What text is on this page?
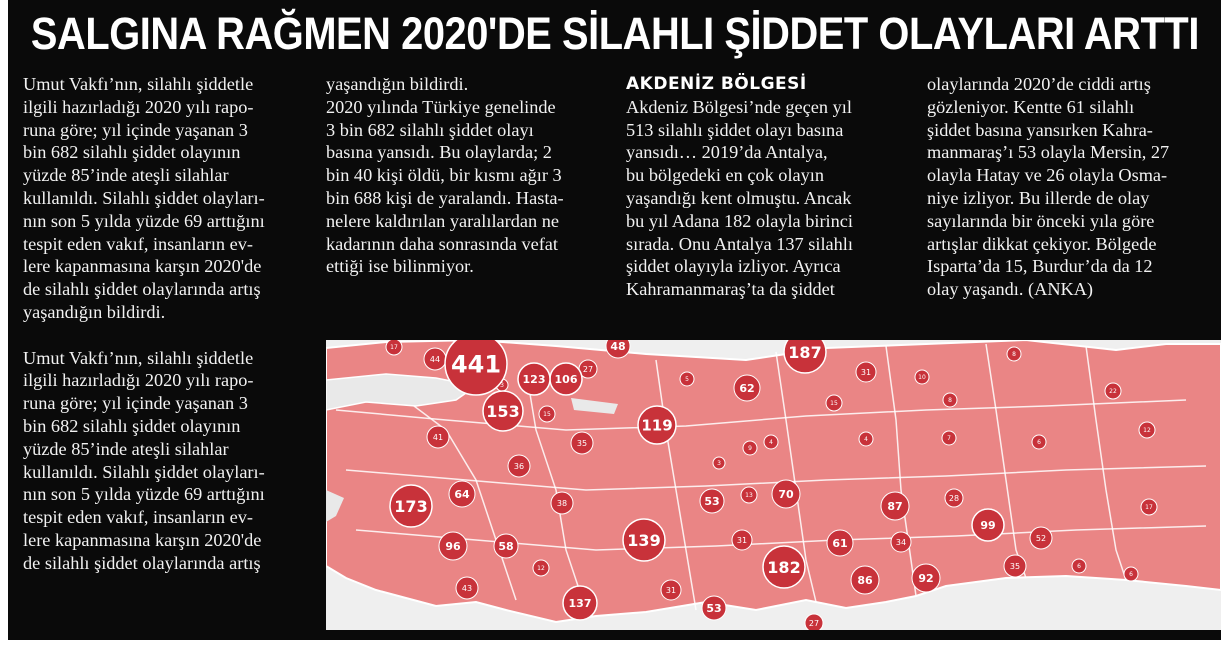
SALGINA RAĞMEN 2020'DE SİLAHLI ŞİDDET OLAYLARI ARTTI

Umut Vakfı’nın, silahlı şiddetle

ilgili hazırladığı 2020 yılı rapo-

runa göre; yıl içinde yaşanan 3

bin 682 silahlı şiddet olayının

yüzde 85’inde ateşli silahlar

kullanıldı. Silahlı şiddet olayları-

nın son 5 yılda yüzde 69 arttığını

tespit eden vakıf, insanların ev-

lere kapanmasına karşın 2020'de

de silahlı şiddet olaylarında artış

yaşandığın bildirdi.

Umut Vakfı’nın, silahlı şiddetle

ilgili hazırladığı 2020 yılı rapo-

runa göre; yıl içinde yaşanan 3

bin 682 silahlı şiddet olayının

yüzde 85’inde ateşli silahlar

kullanıldı. Silahlı şiddet olayları-

nın son 5 yılda yüzde 69 arttığını

tespit eden vakıf, insanların ev-

lere kapanmasına karşın 2020'de

de silahlı şiddet olaylarında artış

yaşandığın bildirdi.

2020 yılında Türkiye genelinde

3 bin 682 silahlı şiddet olayı

basına yansıdı. Bu olaylarda; 2

bin 40 kişi öldü, bir kısmı ağır 3

bin 688 kişi de yaralandı. Hasta-

nelere kaldırılan yaralılardan ne

kadarının daha sonrasında vefat

ettiği ise bilinmiyor.

AKDENİZ BÖLGESİ

Akdeniz Bölgesi’nde geçen yıl

513 silahlı şiddet olayı basına

yansıdı… 2019’da Antalya,

bu bölgedeki en çok olayın

yaşandığı kent olmuştu. Ancak

bu yıl Adana 182 olayla birinci

sırada. Onu Antalya 137 silahlı

şiddet olayıyla izliyor. Ayrıca

Kahramanmaraş’ta da şiddet

olaylarında 2020’de ciddi artış

gözleniyor. Kentte 61 silahlı

şiddet basına yansırken Kahra-

manmaraş’ı 53 olayla Mersin, 27

olayla Hatay ve 26 olayla Osma-

niye izliyor. Bu illerde de olay

sayılarında bir önceki yıla göre

artışlar dikkat çekiyor. Bölgede

Isparta’da 15, Burdur’da da 12

olay yaşandı. (ANKA)

3
3
4
4
5
6
6
6
7
8
8
9
10
12
12
13
15
15
17
17
22
27
27
28
31
31
31
34
35
35
36
38
41
43
44
48
52
53
53
58	61
62
64	70
86
87
92
96
99
137
182
139
173
119
153
187
106
123
441
